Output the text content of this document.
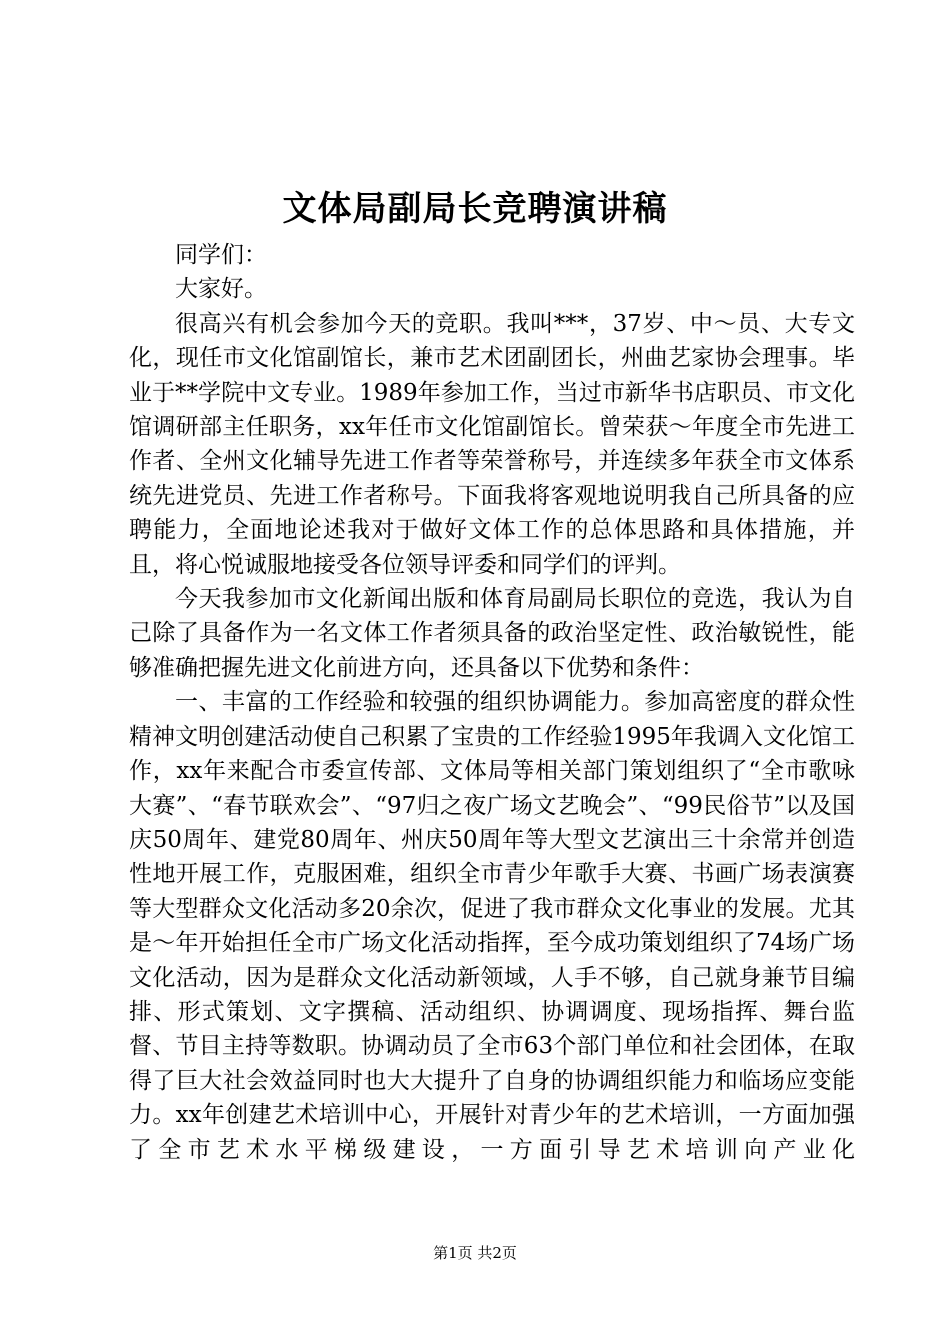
文体局副局长竞聘演讲稿

同学们：

大家好。

很高兴有机会参加今天的竞职。我叫***，37岁、中～员、大专文化，现任市文化馆副馆长，兼市艺术团副团长，州曲艺家协会理事。毕业于**学院中文专业。1989年参加工作，当过市新华书店职员、市文化馆调研部主任职务，xx年任市文化馆副馆长。曾荣获～年度全市先进工作者、全州文化辅导先进工作者等荣誉称号，并连续多年获全市文体系统先进党员、先进工作者称号。下面我将客观地说明我自己所具备的应聘能力，全面地论述我对于做好文体工作的总体思路和具体措施，并且，将心悦诚服地接受各位领导评委和同学们的评判。

今天我参加市文化新闻出版和体育局副局长职位的竞选，我认为自己除了具备作为一名文体工作者须具备的政治坚定性、政治敏锐性，能够准确把握先进文化前进方向，还具备以下优势和条件：

一、丰富的工作经验和较强的组织协调能力。参加高密度的群众性精神文明创建活动使自己积累了宝贵的工作经验1995年我调入文化馆工作，xx年来配合市委宣传部、文体局等相关部门策划组织了“全市歌咏大赛”、“春节联欢会”、“97归之夜广场文艺晚会”、“99民俗节”以及国庆50周年、建党80周年、州庆50周年等大型文艺演出三十余常并创造性地开展工作，克服困难，组织全市青少年歌手大赛、书画广场表演赛等大型群众文化活动多20余次，促进了我市群众文化事业的发展。尤其是～年开始担任全市广场文化活动指挥，至今成功策划组织了74场广场文化活动，因为是群众文化活动新领域，人手不够，自己就身兼节目编排、形式策划、文字撰稿、活动组织、协调调度、现场指挥、舞台监督、节目主持等数职。协调动员了全市63个部门单位和社会团体，在取得了巨大社会效益同时也大大提升了自身的协调组织能力和临场应变能力。xx年创建艺术培训中心，开展针对青少年的艺术培训，一方面加强了全市艺术水平梯级建设，一方面引导艺术培训向产业化

第1页 共2页
